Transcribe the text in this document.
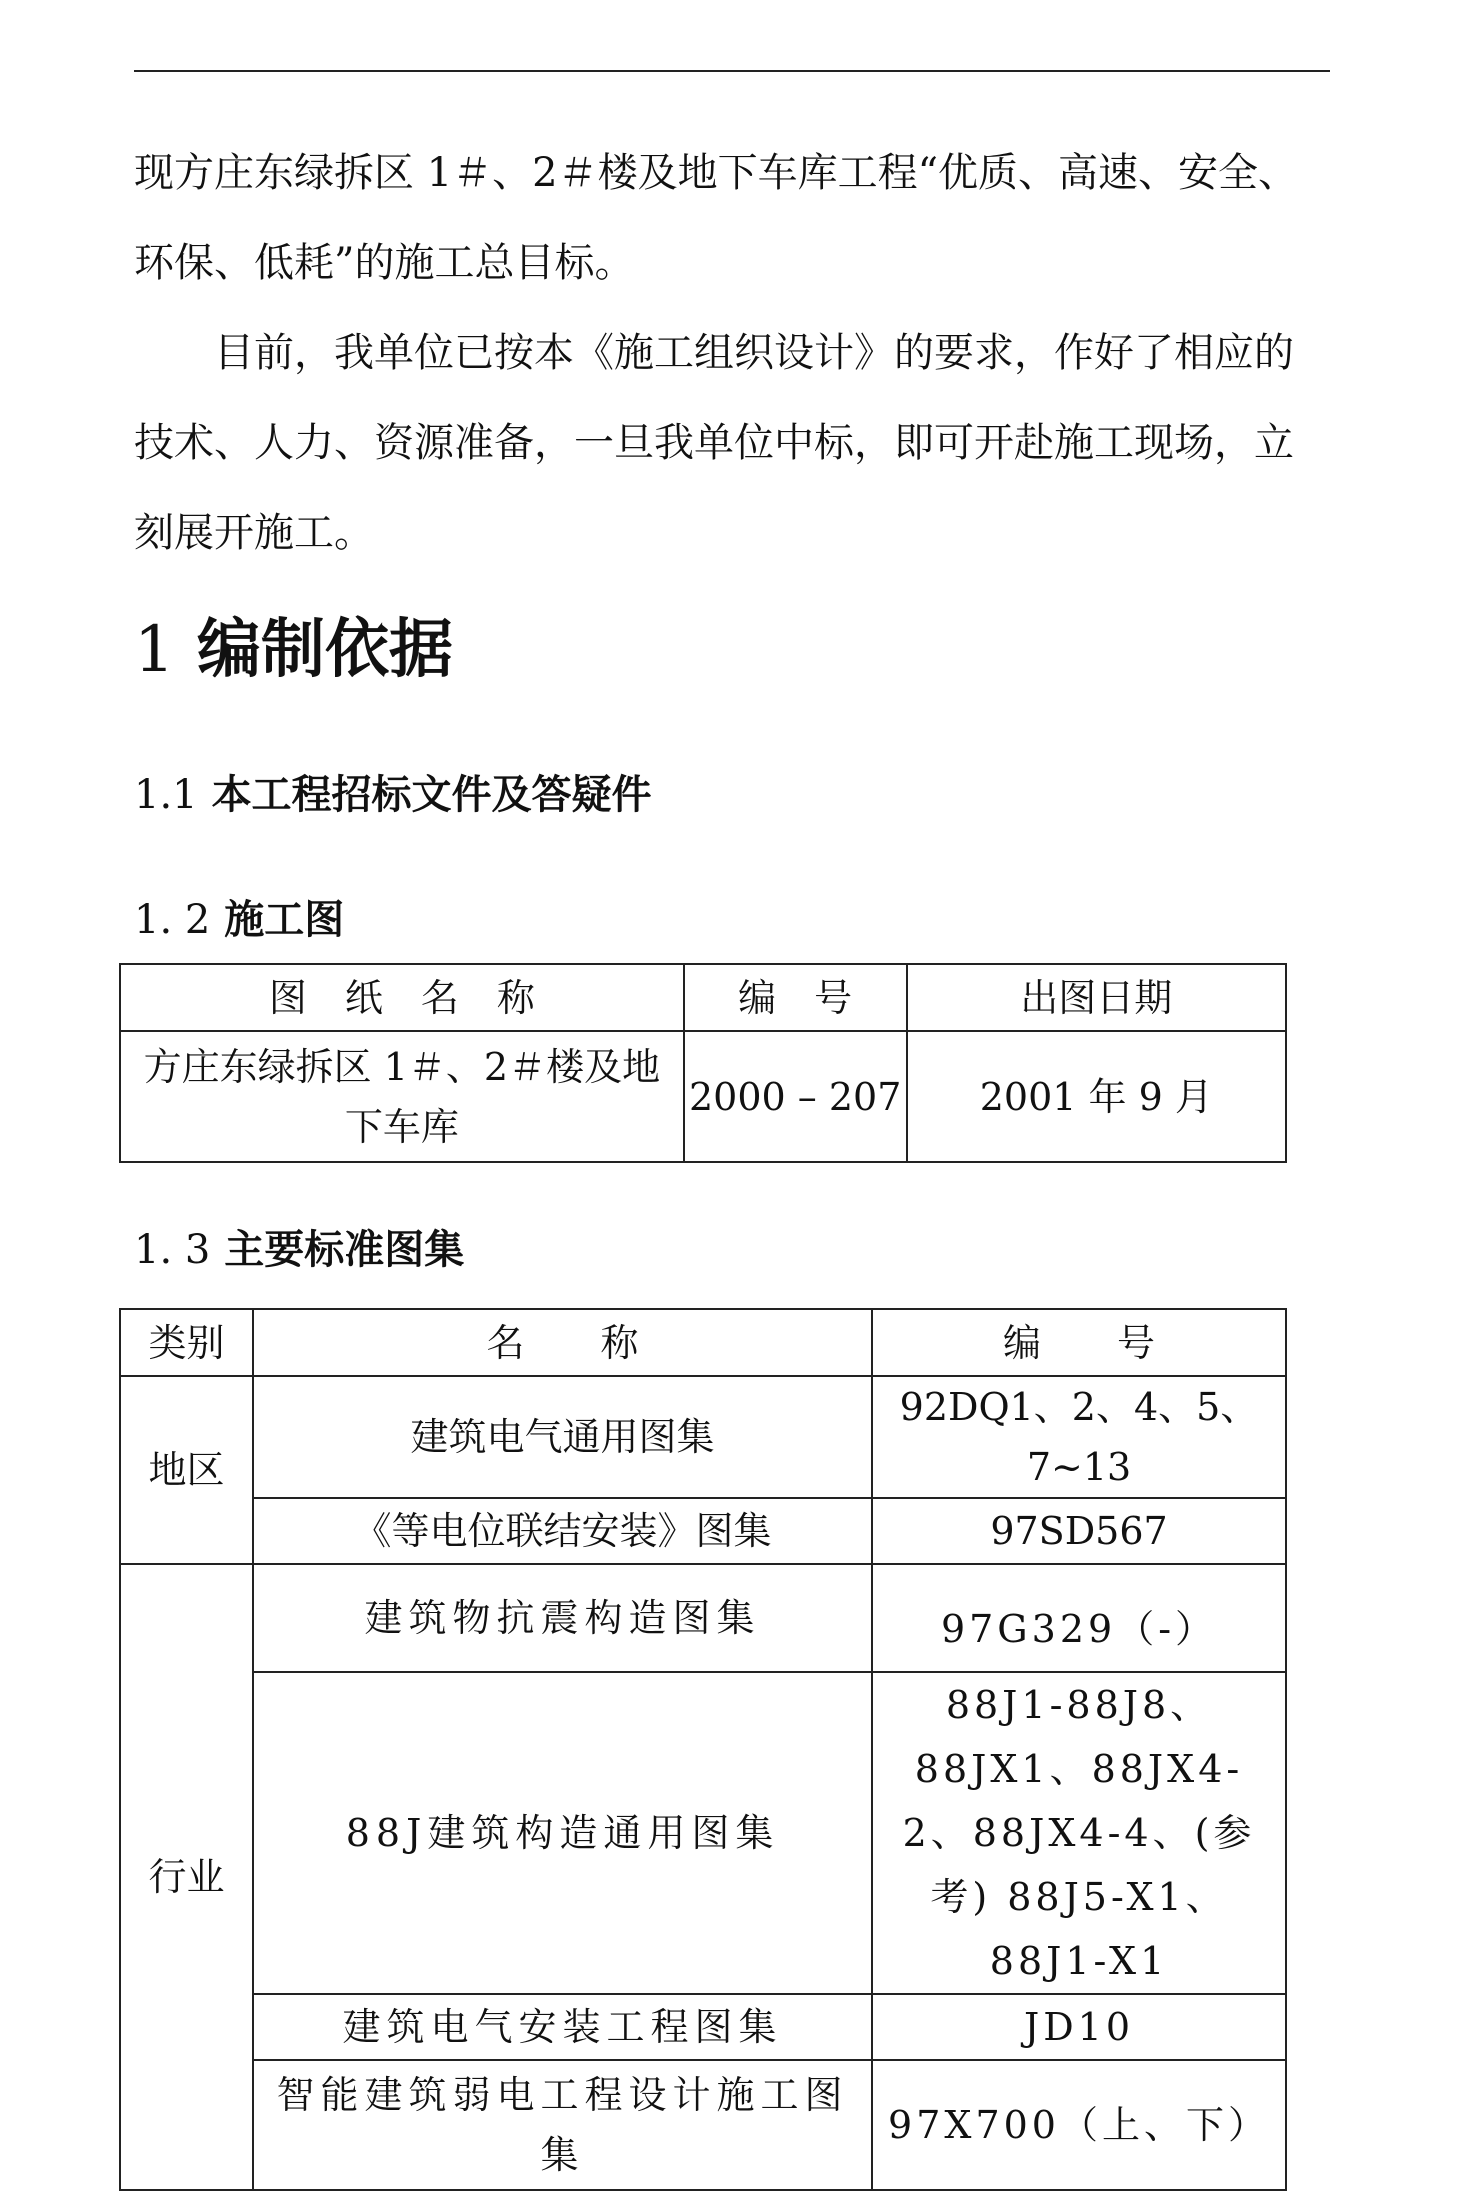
现方庄东绿拆区 1＃、2＃楼及地下车库工程“优质、高速、安全、环保、低耗”的施工总目标。

目前，我单位已按本《施工组织设计》的要求，作好了相应的技术、人力、资源准备，一旦我单位中标，即可开赴施工现场，立刻展开施工。

1 编制依据
1.1 本工程招标文件及答疑件
1. 2 施工图
图　纸　名　称	编　号	出图日期
方庄东绿拆区 1＃、2＃楼及地下车库	2000 – 207	2001 年 9 月
1. 3 主要标准图集
类别	名　　称	编　　号
地区	建筑电气通用图集	92DQ1、2、4、5、7~13
	《等电位联结安装》图集	97SD567
行业	建筑物抗震构造图集	97G329（-）
	88J建筑构造通用图集	88J1-88J8、88JX1、88JX4-2、88JX4-4、(参考) 88J5-X1、88J1-X1
	建筑电气安装工程图集	JD10
	智能建筑弱电工程设计施工图集	97X700（上、下）
